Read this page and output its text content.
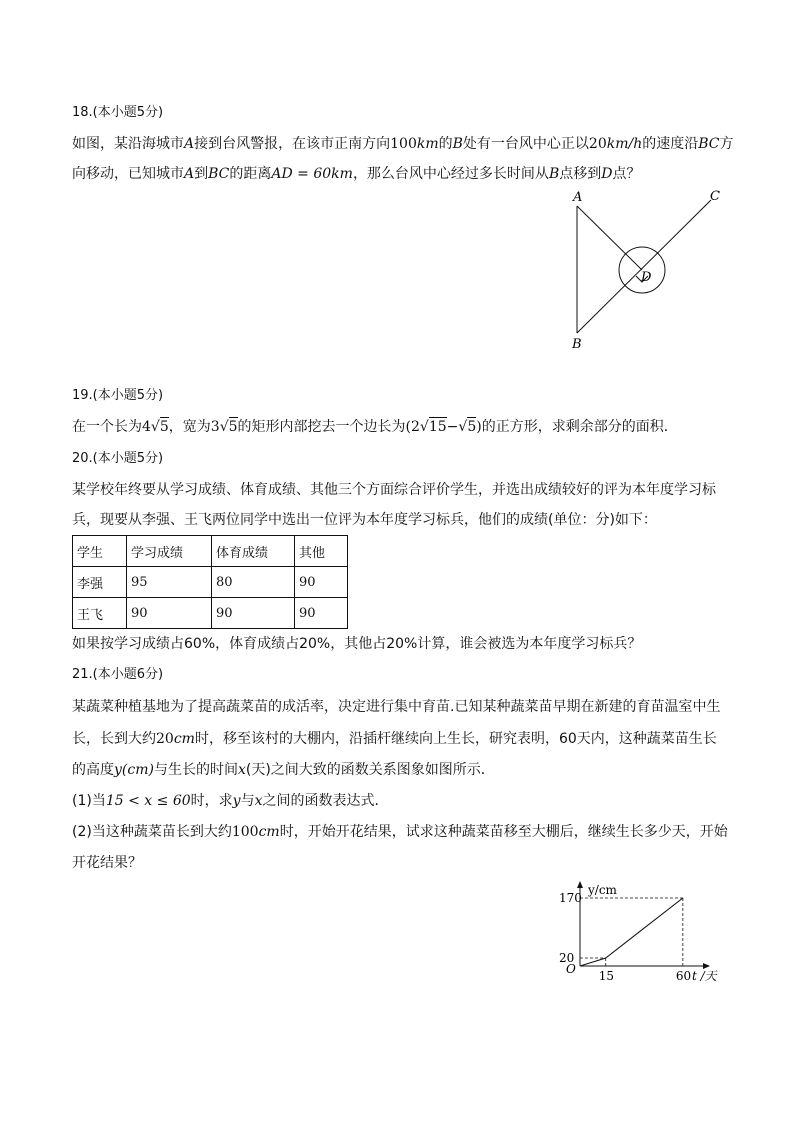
18.(本小题5分)
如图，某沿海城市A接到台风警报，在该市正南方向100km的B处有一台风中心正以20km/h的速度沿BC方
向移动，已知城市A到BC的距离AD = 60km，那么台风中心经过多长时间从B点移到D点？
A
B
C
D
19.(本小题5分)
在一个长为4√5，宽为3√5的矩形内部挖去一个边长为(2√15−√5)的正方形，求剩余部分的面积．
20.(本小题5分)
某学校年终要从学习成绩、体育成绩、其他三个方面综合评价学生，并选出成绩较好的评为本年度学习标
兵，现要从李强、王飞两位同学中选出一位评为本年度学习标兵，他们的成绩(单位：分)如下：
学生	学习成绩	体育成绩	其他
李强	95	80	90
王飞	90	90	90
如果按学习成绩占60%，体育成绩占20%，其他占20%计算，谁会被选为本年度学习标兵？
21.(本小题6分)
某蔬菜种植基地为了提高蔬菜苗的成活率，决定进行集中育苗.已知某种蔬菜苗早期在新建的育苗温室中生
长，长到大约20cm时，移至该村的大棚内，沿插杆继续向上生长，研究表明，60天内，这种蔬菜苗生长
的高度y(cm)与生长的时间x(天)之间大致的函数关系图象如图所示．
(1)当15 < x ≤ 60时，求y与x之间的函数表达式．
(2)当这种蔬菜苗长到大约100cm时，开始开花结果，试求这种蔬菜苗移至大棚后，继续生长多少天，开始
开花结果？
15
20
60
170
y/cm
t /天
O
